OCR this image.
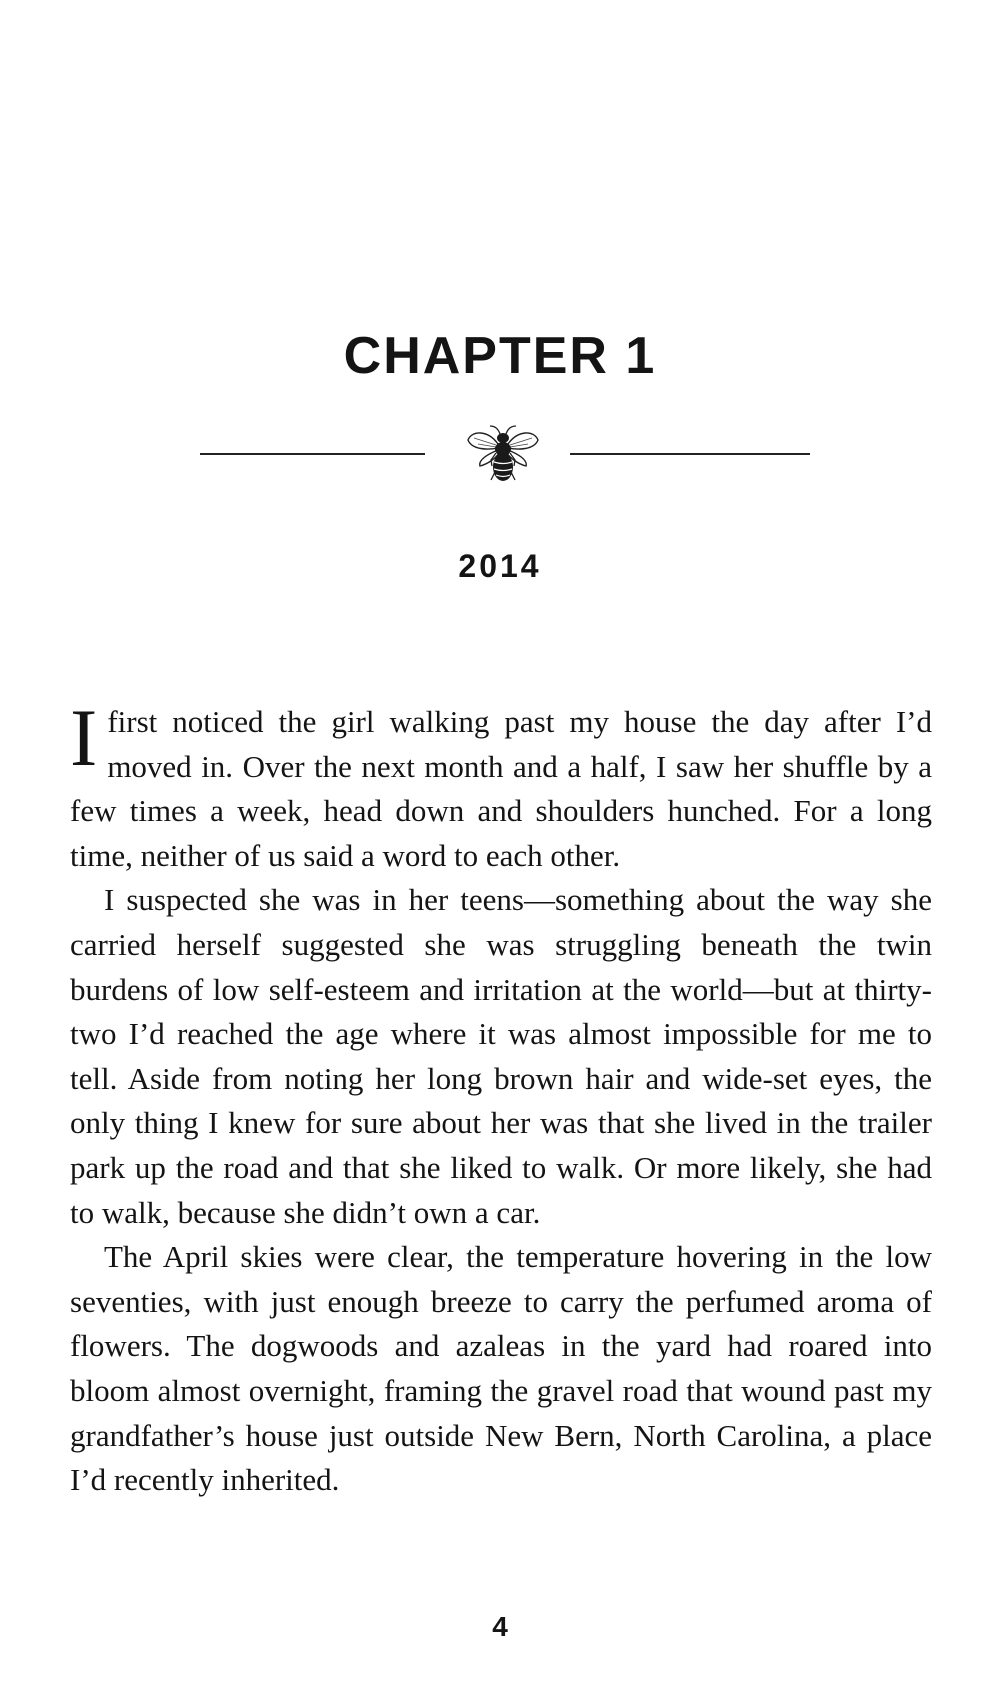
CHAPTER 1
2014

I first noticed the girl walking past my house the day after I’d moved in. Over the next month and a half, I saw her shuffle by a few times a week, head down and shoulders hunched. For a long time, neither of us said a word to each other.

I suspected she was in her teens—something about the way she carried herself suggested she was struggling beneath the twin burdens of low self-esteem and irritation at the world—but at thirty-two I’d reached the age where it was almost impossible for me to tell. Aside from noting her long brown hair and wide-set eyes, the only thing I knew for sure about her was that she lived in the trailer park up the road and that she liked to walk. Or more likely, she had to walk, because she didn’t own a car.

The April skies were clear, the temperature hovering in the low seventies, with just enough breeze to carry the perfumed aroma of flowers. The dogwoods and azaleas in the yard had roared into bloom almost overnight, framing the gravel road that wound past my grandfather’s house just outside New Bern, North Carolina, a place I’d recently inherited.

4
